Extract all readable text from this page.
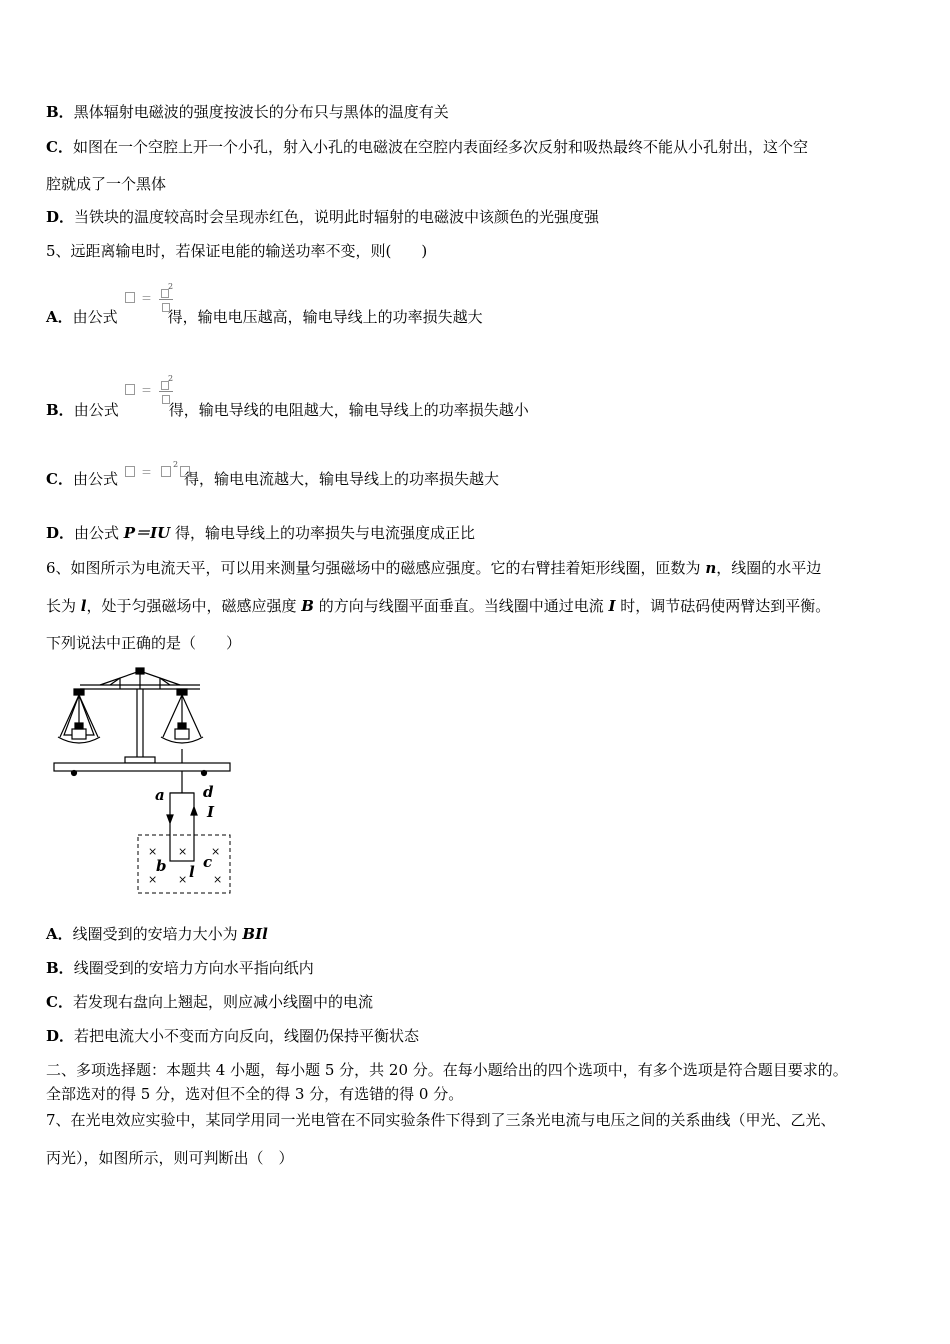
B．黑体辐射电磁波的强度按波长的分布只与黑体的温度有关
C．如图在一个空腔上开一个小孔，射入小孔的电磁波在空腔内表面经多次反射和吸热最终不能从小孔射出，这个空
腔就成了一个黑体
D．当铁块的温度较高时会呈现赤红色，说明此时辐射的电磁波中该颜色的光强度强
5、远距离输电时，若保证电能的输送功率不变，则(　　)
A．由公式	得，输电电压越高，输电导线上的功率损失越大
＝
2
B．由公式	得，输电导线的电阻越大，输电导线上的功率损失越小
＝
2
C．由公式	得，输电电流越大，输电导线上的功率损失越大
＝
2
D．由公式 P＝IU 得，输电导线上的功率损失与电流强度成正比
6、如图所示为电流天平，可以用来测量匀强磁场中的磁感应强度。它的右臂挂着矩形线圈，匝数为 n，线圈的水平边
长为 l，处于匀强磁场中，磁感应强度 B 的方向与线圈平面垂直。当线圈中通过电流 I 时，调节砝码使两臂达到平衡。
下列说法中正确的是（　　）
a	d
I
b c
l
× × ×
× × ×
A．线圈受到的安培力大小为 BIl
B．线圈受到的安培力方向水平指向纸内
C．若发现右盘向上翘起，则应减小线圈中的电流
D．若把电流大小不变而方向反向，线圈仍保持平衡状态
二、多项选择题：本题共 4 小题，每小题 5 分，共 20 分。在每小题给出的四个选项中，有多个选项是符合题目要求的。
全部选对的得 5 分，选对但不全的得 3 分，有选错的得 0 分。
7、在光电效应实验中，某同学用同一光电管在不同实验条件下得到了三条光电流与电压之间的关系曲线（甲光、乙光、
丙光），如图所示，则可判断出（　）
